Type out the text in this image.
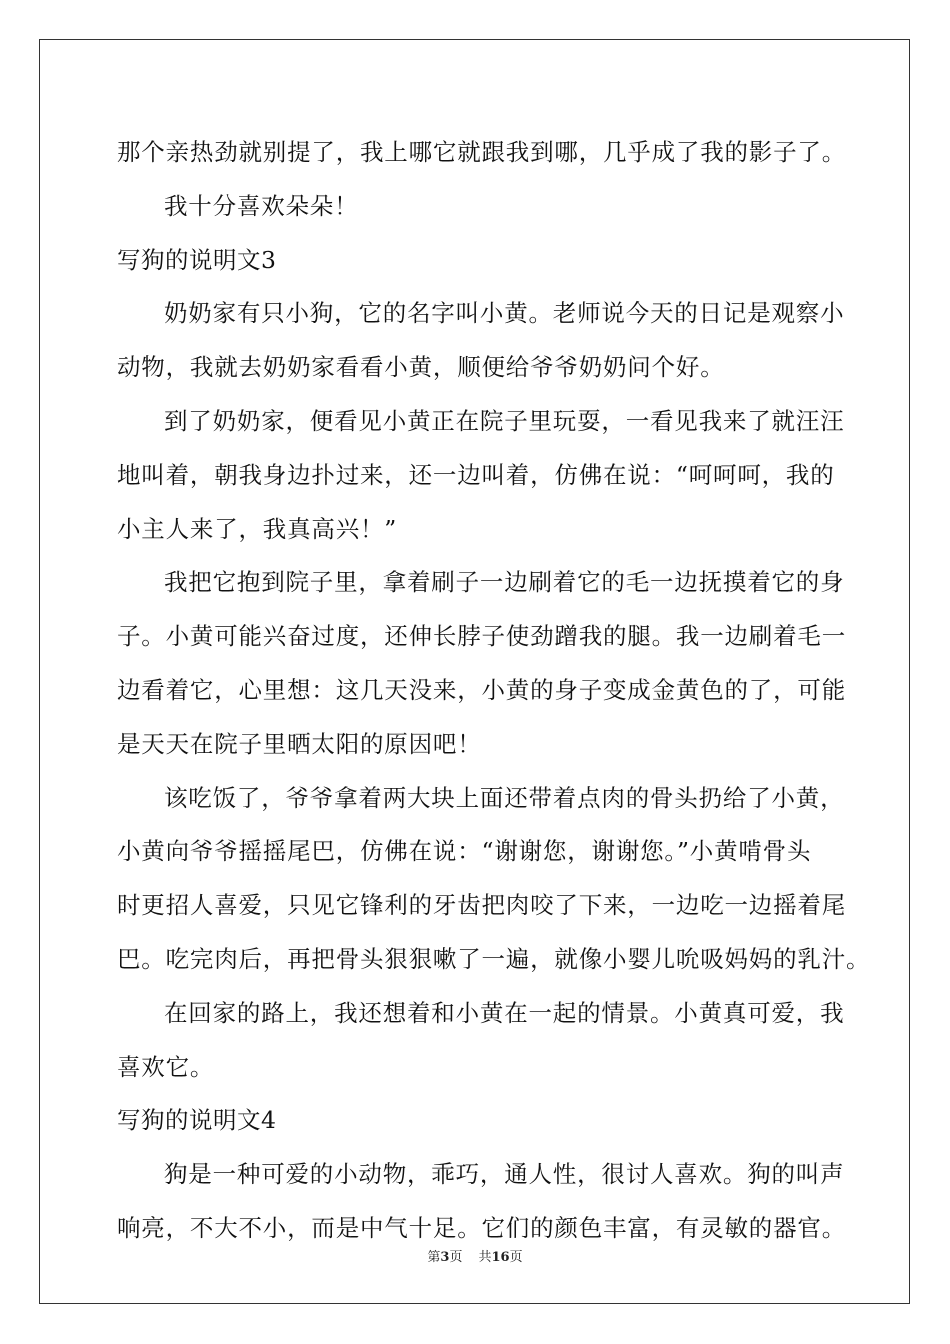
那个亲热劲就别提了，我上哪它就跟我到哪，几乎成了我的影子了。
我十分喜欢朵朵！
写狗的说明文3
奶奶家有只小狗，它的名字叫小黄。老师说今天的日记是观察小
动物，我就去奶奶家看看小黄，顺便给爷爷奶奶问个好。
到了奶奶家，便看见小黄正在院子里玩耍，一看见我来了就汪汪
地叫着，朝我身边扑过来，还一边叫着，仿佛在说：“呵呵呵，我的
小主人来了，我真高兴！”
我把它抱到院子里，拿着刷子一边刷着它的毛一边抚摸着它的身
子。小黄可能兴奋过度，还伸长脖子使劲蹭我的腿。我一边刷着毛一
边看着它，心里想：这几天没来，小黄的身子变成金黄色的了，可能
是天天在院子里晒太阳的原因吧！
该吃饭了，爷爷拿着两大块上面还带着点肉的骨头扔给了小黄，
小黄向爷爷摇摇尾巴，仿佛在说：“谢谢您，谢谢您。”小黄啃骨头
时更招人喜爱，只见它锋利的牙齿把肉咬了下来，一边吃一边摇着尾
巴。吃完肉后，再把骨头狠狠嗽了一遍，就像小婴儿吮吸妈妈的乳汁。
在回家的路上，我还想着和小黄在一起的情景。小黄真可爱，我
喜欢它。
写狗的说明文4
狗是一种可爱的小动物，乖巧，通人性，很讨人喜欢。狗的叫声
响亮，不大不小，而是中气十足。它们的颜色丰富，有灵敏的器官。
第3页 共16页
